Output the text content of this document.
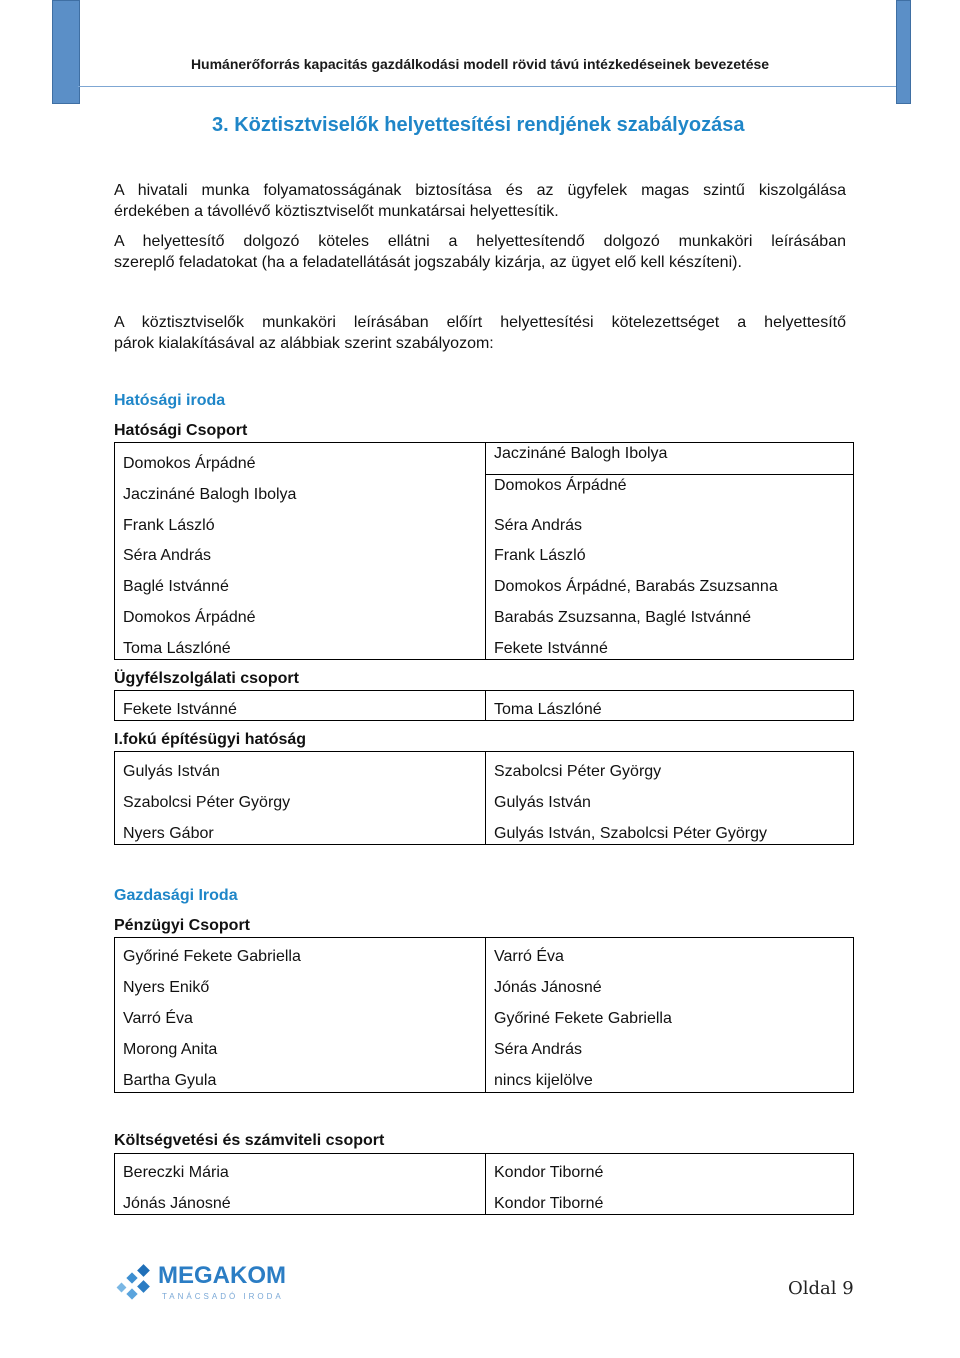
Humánerőforrás kapacitás gazdálkodási modell rövid távú intézkedéseinek bevezetése
3. Köztisztviselők helyettesítési rendjének szabályozása
A hivatali munka folyamatosságának biztosítása és az ügyfelek magas szintű kiszolgálása
érdekében a távollévő köztisztviselőt munkatársai helyettesítik.
A helyettesítő dolgozó köteles ellátni a helyettesítendő dolgozó munkaköri leírásában
szereplő feladatokat (ha a feladatellátását jogszabály kizárja, az ügyet elő kell készíteni).
A köztisztviselők munkaköri leírásában előírt helyettesítési kötelezettséget a helyettesítő
párok kialakításával az alábbiak szerint szabályozom:
Hatósági iroda
Hatósági Csoport
Domokos Árpádné
Jaczináné Balogh Ibolya
Frank László
Séra András
Baglé Istvánné
Domokos Árpádné
Toma Lászlóné
Jaczináné Balogh Ibolya
Domokos Árpádné
Séra András
Frank László
Domokos Árpádné, Barabás Zsuzsanna
Barabás Zsuzsanna, Baglé Istvánné
Fekete Istvánné
Ügyfélszolgálati csoport
Fekete Istvánné	Toma Lászlóné
I.fokú építésügyi hatóság
Gulyás István
Szabolcsi Péter György
Nyers Gábor
Szabolcsi Péter György
Gulyás István
Gulyás István, Szabolcsi Péter György
Gazdasági Iroda
Pénzügyi Csoport
Győriné Fekete Gabriella
Nyers Enikő
Varró Éva
Morong Anita
Bartha Gyula
Varró Éva
Jónás Jánosné
Győriné Fekete Gabriella
Séra András
nincs kijelölve
Költségvetési és számviteli csoport
Bereczki Mária
Jónás Jánosné
Kondor Tiborné
Kondor Tiborné
MEGAKOM
TANÁCSADÓ IRODA	Oldal 9
